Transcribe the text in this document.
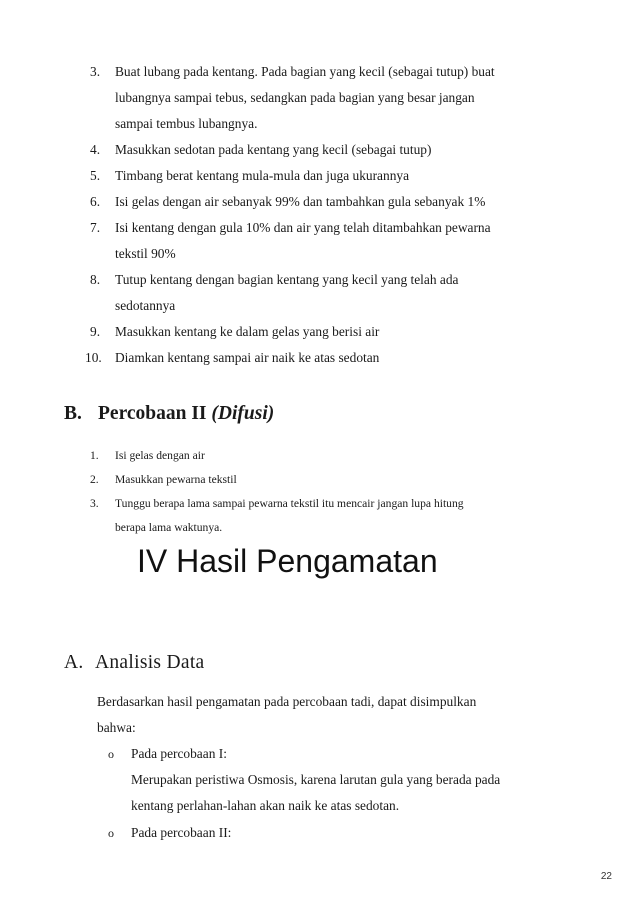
3.	Buat lubang pada kentang. Pada bagian yang kecil (sebagai tutup) buat
lubangnya sampai tebus, sedangkan pada bagian yang besar jangan
sampai tembus lubangnya.
4.	Masukkan sedotan pada kentang yang kecil (sebagai tutup)
5.	Timbang berat kentang mula-mula dan juga ukurannya
6.	Isi gelas dengan air sebanyak 99% dan tambahkan gula sebanyak 1%
7.	Isi kentang dengan gula 10% dan air yang telah ditambahkan pewarna
tekstil 90%
8.	Tutup kentang dengan bagian kentang yang kecil yang telah ada
sedotannya
9.	Masukkan kentang ke dalam gelas yang berisi air
10. Diamkan kentang sampai air naik ke atas sedotan
B. Percobaan II (Difusi)
1.	Isi gelas dengan air
2.	Masukkan pewarna tekstil
3.	Tunggu berapa lama sampai pewarna tekstil itu mencair jangan lupa hitung
berapa lama waktunya.
IV Hasil Pengamatan
A. Analisis Data
Berdasarkan hasil pengamatan pada percobaan tadi, dapat disimpulkan
bahwa:
o Pada percobaan I:
Merupakan peristiwa Osmosis, karena larutan gula yang berada pada
kentang perlahan-lahan akan naik ke atas sedotan.
o Pada percobaan II:
22
